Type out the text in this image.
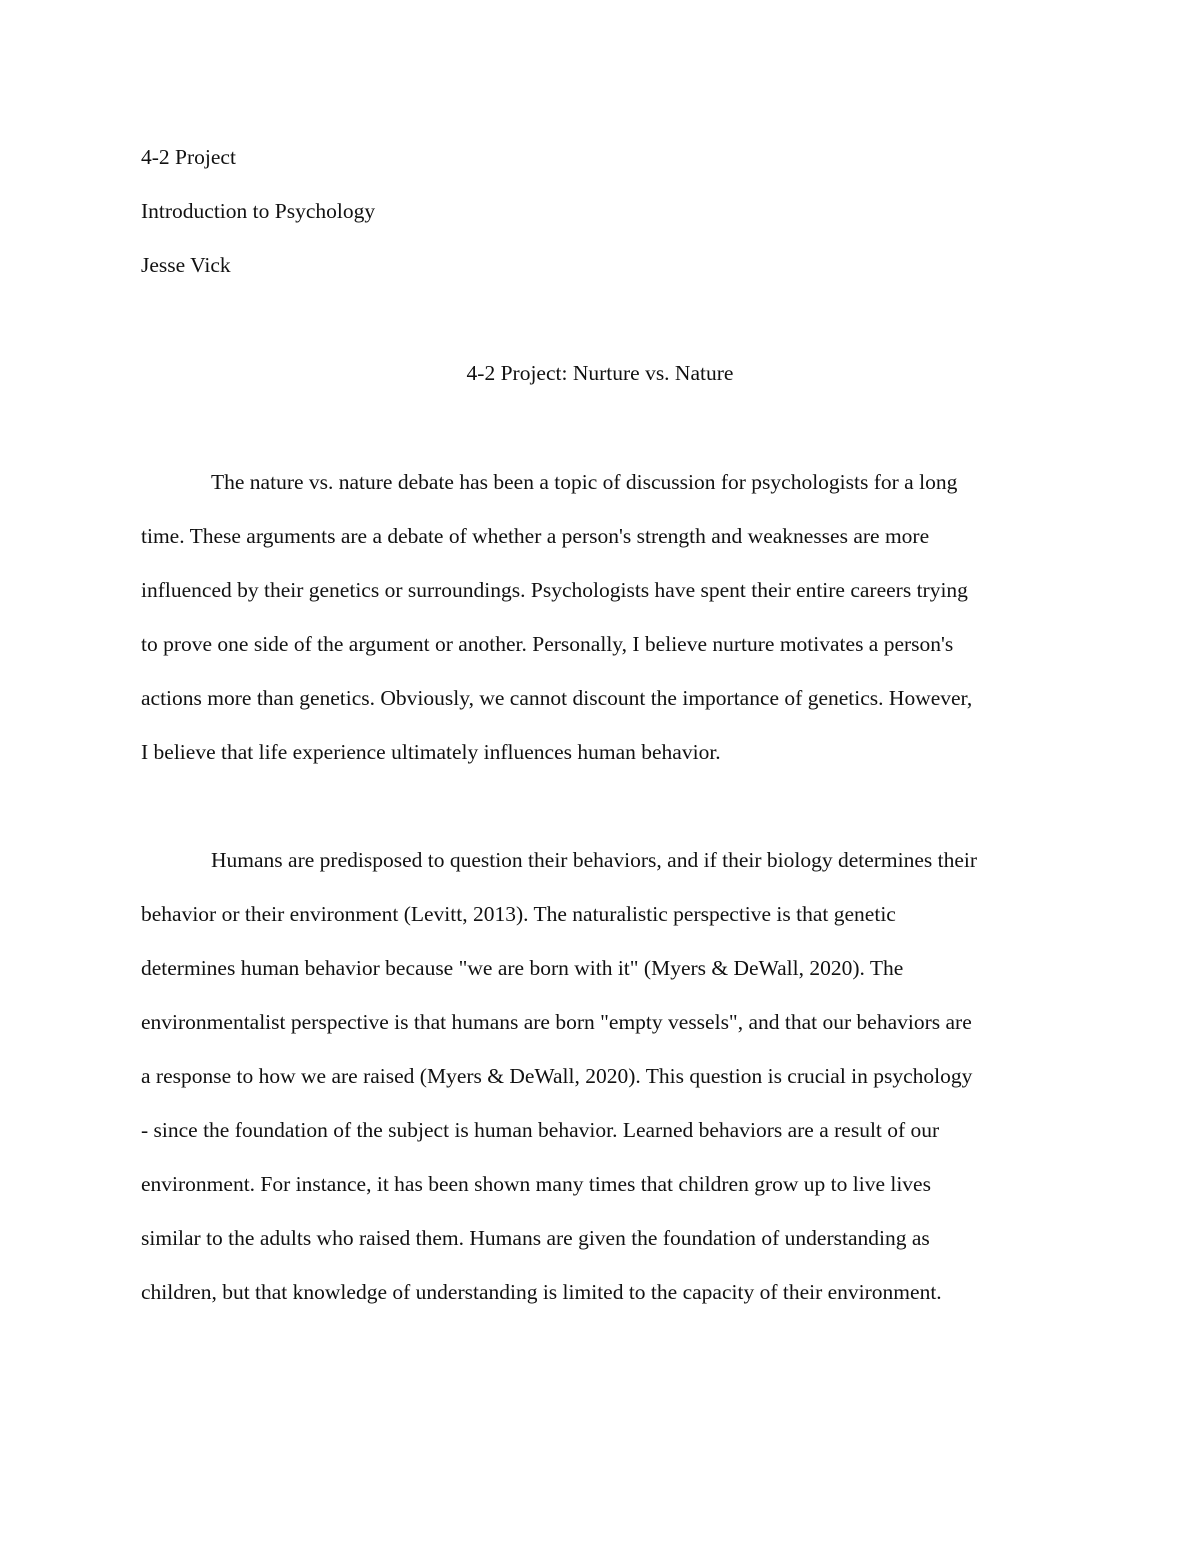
4-2 Project
Introduction to Psychology
Jesse Vick
4-2 Project: Nurture vs. Nature
The nature vs. nature debate has been a topic of discussion for psychologists for a long
time. These arguments are a debate of whether a person's strength and weaknesses are more
influenced by their genetics or surroundings. Psychologists have spent their entire careers trying
to prove one side of the argument or another. Personally, I believe nurture motivates a person's
actions more than genetics. Obviously, we cannot discount the importance of genetics. However,
I believe that life experience ultimately influences human behavior.
Humans are predisposed to question their behaviors, and if their biology determines their
behavior or their environment (Levitt, 2013). The naturalistic perspective is that genetic
determines human behavior because "we are born with it" (Myers & DeWall, 2020). The
environmentalist perspective is that humans are born "empty vessels", and that our behaviors are
a response to how we are raised (Myers & DeWall, 2020). This question is crucial in psychology
- since the foundation of the subject is human behavior. Learned behaviors are a result of our
environment. For instance, it has been shown many times that children grow up to live lives
similar to the adults who raised them. Humans are given the foundation of understanding as
children, but that knowledge of understanding is limited to the capacity of their environment.
